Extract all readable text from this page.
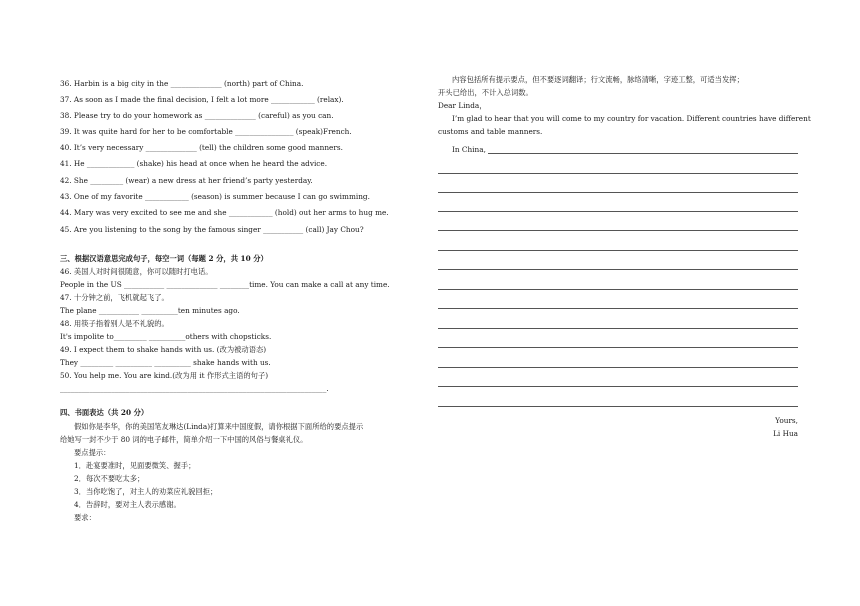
36. Harbin is a big city in the ______________ (north) part of China.
37. As soon as I made the final decision, I felt a lot more ____________ (relax).
38. Please try to do your homework as ______________ (careful) as you can.
39. It was quite hard for her to be comfortable ________________ (speak)French.
40. It’s very necessary ______________ (tell) the children some good manners.
41. He _____________ (shake) his head at once when he heard the advice.
42. She _________ (wear) a new dress at her friend’s party yesterday.
43. One of my favorite ____________ (season) is summer because I can go swimming.
44. Mary was very excited to see me and she ____________ (hold) out her arms to hug me.
45. Are you listening to the song by the famous singer ___________ (call) Jay Chou?
三、根据汉语意思完成句子，每空一词（每题 2 分，共 10 分）
46. 美国人对时间很随意，你可以随时打电话。
People in the US ___________ ______________ ________time. You can make a call at any time.
47. 十分钟之前，飞机就起飞了。
The plane ___________ __________ten minutes ago.
48. 用筷子指着别人是不礼貌的。
It's impolite to_________ __________others with chopsticks.
49. I expect them to shake hands with us. (改为被动语态)
They _________ __________ __________ shake hands with us.
50. You help me. You are kind.(改为用 it 作形式主语的句子)
_________________________________________________________________________.
四、书面表达（共 20 分）
假如你是李华，你的美国笔友琳达(Linda)打算来中国度假，请你根据下面所给的要点提示
给她写一封不少于 80 词的电子邮件，简单介绍一下中国的风俗与餐桌礼仪。
要点提示：
1．赴宴要准时，见面要微笑、握手；
2．每次不要吃太多；
3．当你吃饱了，对主人的劝菜应礼貌回拒；
4．告辞时，要对主人表示感谢。
要求：
内容包括所有提示要点，但不要逐词翻译；行文流畅，脉络清晰，字迹工整，可适当发挥；
开头已给出，不计入总词数。
Dear Linda，
I’m glad to hear that you will come to my country for vacation. Different countries have different
customs and table manners.
In China,
Yours,
Li Hua
